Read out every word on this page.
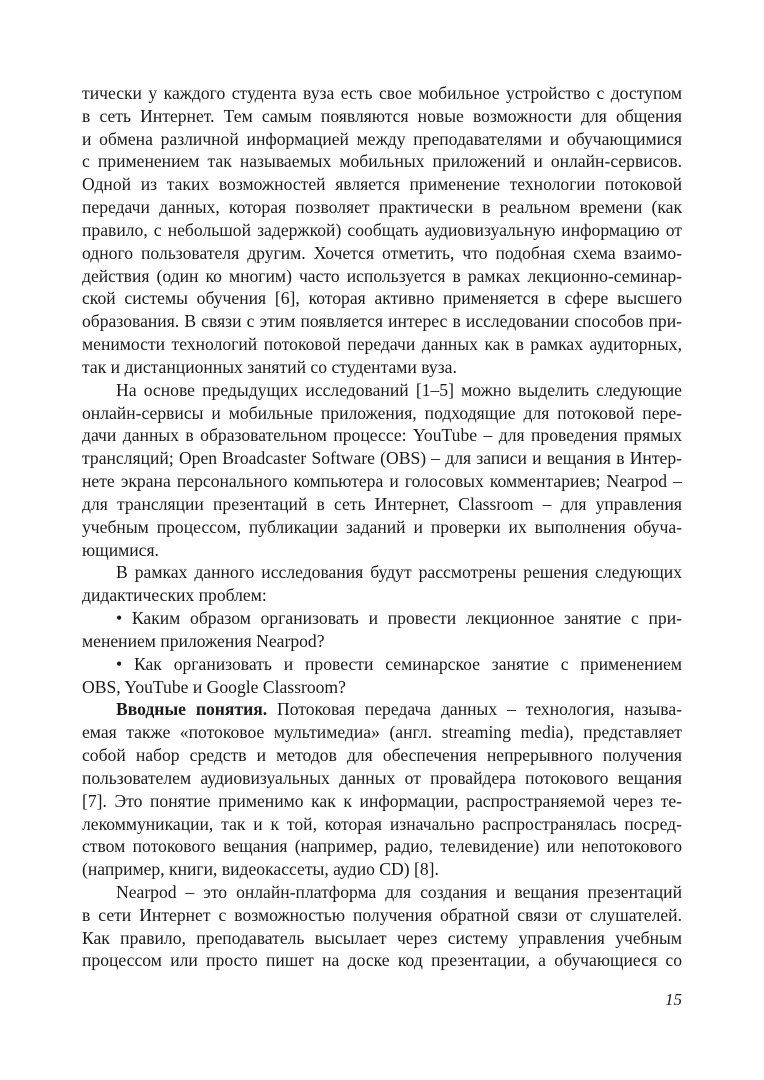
тически у каждого студента вуза есть свое мобильное устройство с доступом
в сеть Интернет. Тем самым появляются новые возможности для общения
и обмена различной информацией между преподавателями и обучающимися
с применением так называемых мобильных приложений и онлайн-сервисов.
Одной из таких возможностей является применение технологии потоковой
передачи данных, которая позволяет практически в реальном времени (как
правило, с небольшой задержкой) сообщать аудиовизуальную информацию от
одного пользователя другим. Хочется отметить, что подобная схема взаимо-
действия (один ко многим) часто используется в рамках лекционно-семинар-
ской системы обучения [6], которая активно применяется в сфере высшего
образования. В связи с этим появляется интерес в исследовании способов при-
менимости технологий потоковой передачи данных как в рамках аудиторных,
так и дистанционных занятий со студентами вуза.
На основе предыдущих исследований [1–5] можно выделить следующие
онлайн-сервисы и мобильные приложения, подходящие для потоковой пере-
дачи данных в образовательном процессе: YouTube – для проведения прямых
трансляций; Open Broadcaster Software (OBS) – для записи и вещания в Интер-
нете экрана персонального компьютера и голосовых комментариев; Nearpod –
для трансляции презентаций в сеть Интернет, Classroom – для управления
учебным процессом, публикации заданий и проверки их выполнения обуча-
ющимися.
В рамках данного исследования будут рассмотрены решения следующих
дидактических проблем:
• Каким образом организовать и провести лекционное занятие с при-
менением приложения Nearpod?
• Как организовать и провести семинарское занятие с применением
OBS, YouTube и Google Classroom?
Вводные понятия. Потоковая передача данных – технология, называ-
емая также «потоковое мультимедиа» (англ. streaming media), представляет
собой набор средств и методов для обеспечения непрерывного получения
пользователем аудиовизуальных данных от провайдера потокового вещания
[7]. Это понятие применимо как к информации, распространяемой через те-
лекоммуникации, так и к той, которая изначально распространялась посред-
ством потокового вещания (например, радио, телевидение) или непотокового
(например, книги, видеокассеты, аудио CD) [8].
Nearpod – это онлайн-платформа для создания и вещания презентаций
в сети Интернет с возможностью получения обратной связи от слушателей.
Как правило, преподаватель высылает через систему управления учебным
процессом или просто пишет на доске код презентации, а обучающиеся со
15
